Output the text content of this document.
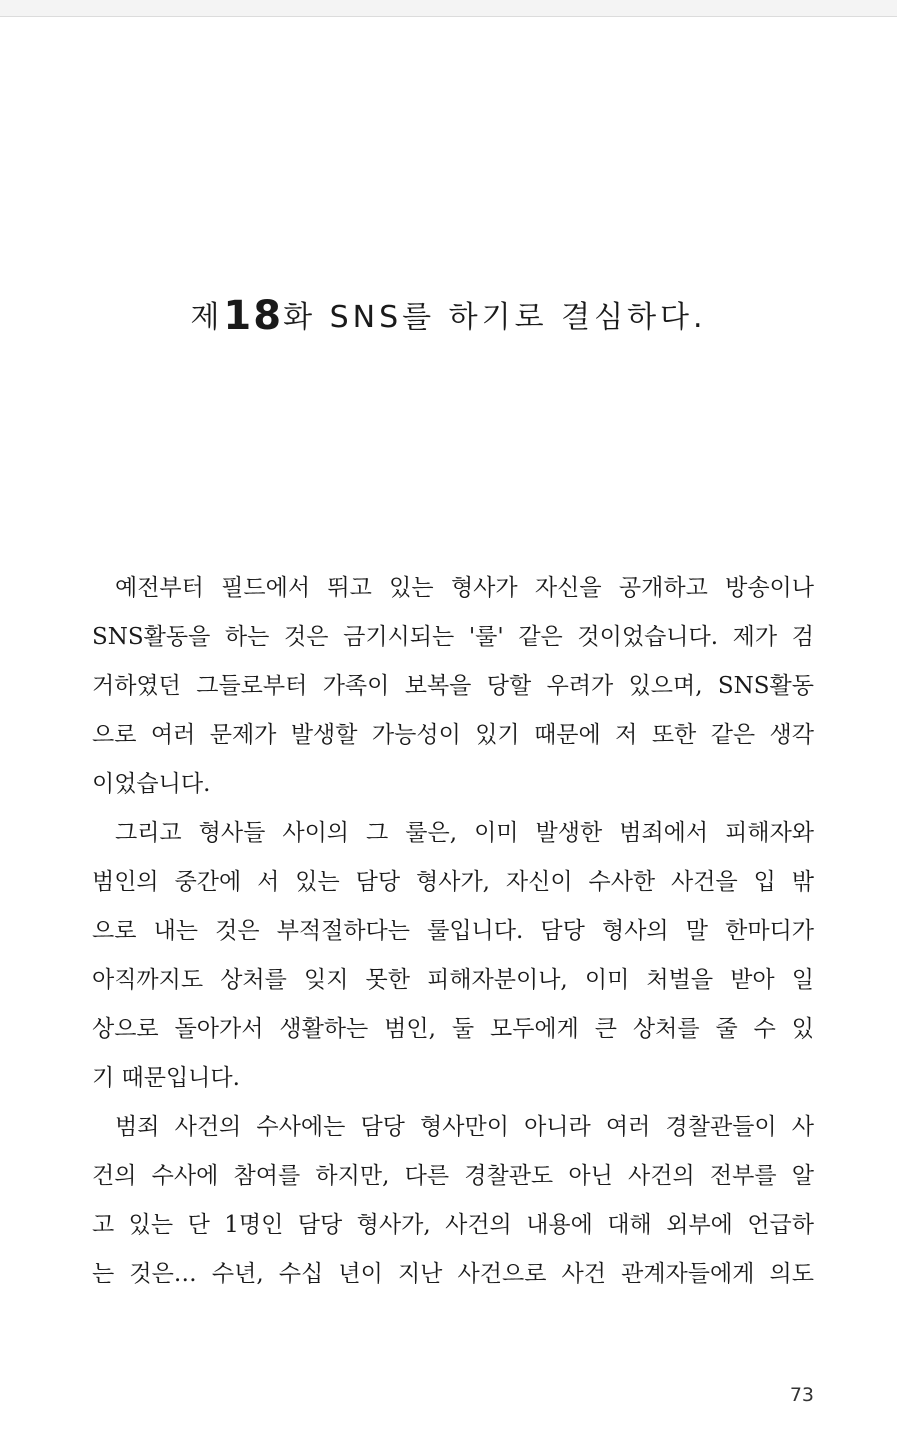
제18화 SNS를 하기로 결심하다.
예전부터 필드에서 뛰고 있는 형사가 자신을 공개하고 방송이나
SNS활동을 하는 것은 금기시되는 '룰' 같은 것이었습니다. 제가 검
거하였던 그들로부터 가족이 보복을 당할 우려가 있으며, SNS활동
으로 여러 문제가 발생할 가능성이 있기 때문에 저 또한 같은 생각
이었습니다.
그리고 형사들 사이의 그 룰은, 이미 발생한 범죄에서 피해자와
범인의 중간에 서 있는 담당 형사가, 자신이 수사한 사건을 입 밖
으로 내는 것은 부적절하다는 룰입니다. 담당 형사의 말 한마디가
아직까지도 상처를 잊지 못한 피해자분이나, 이미 처벌을 받아 일
상으로 돌아가서 생활하는 범인, 둘 모두에게 큰 상처를 줄 수 있
기 때문입니다.
범죄 사건의 수사에는 담당 형사만이 아니라 여러 경찰관들이 사
건의 수사에 참여를 하지만, 다른 경찰관도 아닌 사건의 전부를 알
고 있는 단 1명인 담당 형사가, 사건의 내용에 대해 외부에 언급하
는 것은… 수년, 수십 년이 지난 사건으로 사건 관계자들에게 의도
73
